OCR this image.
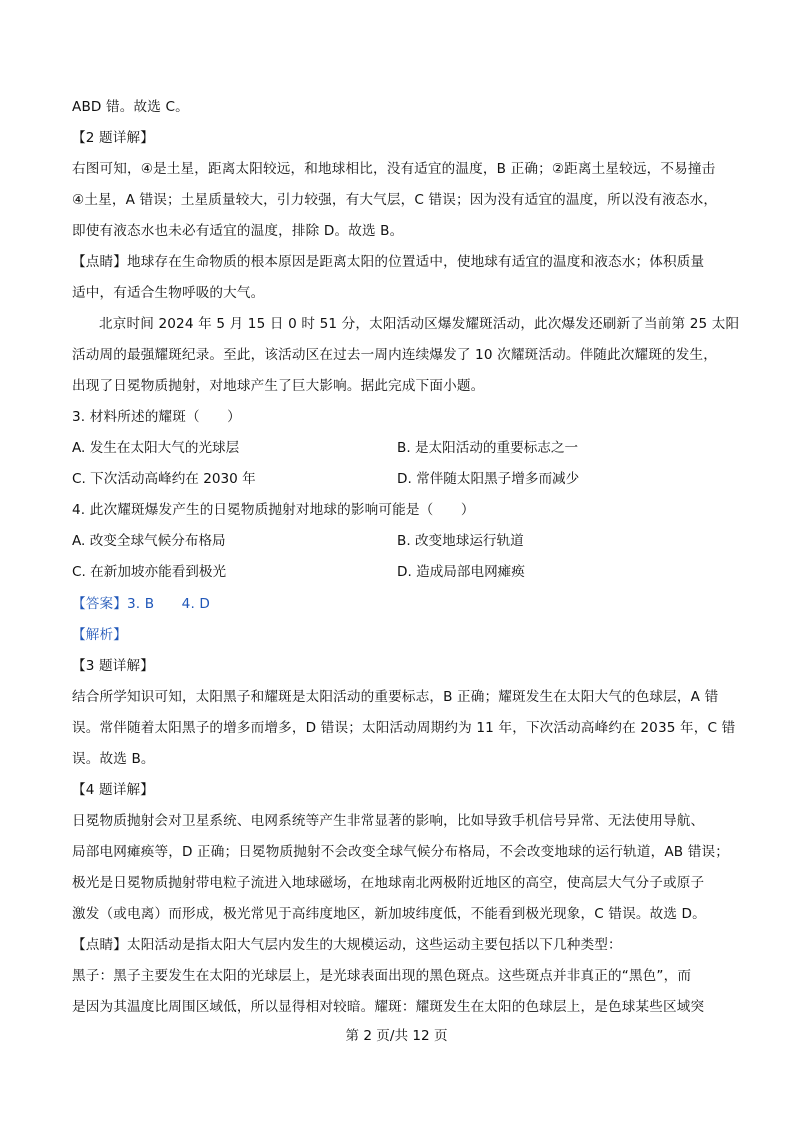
ABD 错。故选 C。
【2 题详解】
右图可知，④是土星，距离太阳较远，和地球相比，没有适宜的温度，B 正确；②距离土星较远，不易撞击
④土星，A 错误；土星质量较大，引力较强，有大气层，C 错误；因为没有适宜的温度，所以没有液态水，
即使有液态水也未必有适宜的温度，排除 D。故选 B。
【点睛】地球存在生命物质的根本原因是距离太阳的位置适中，使地球有适宜的温度和液态水；体积质量
适中，有适合生物呼吸的大气。
北京时间 2024 年 5 月 15 日 0 时 51 分，太阳活动区爆发耀斑活动，此次爆发还刷新了当前第 25 太阳
活动周的最强耀斑纪录。至此，该活动区在过去一周内连续爆发了 10 次耀斑活动。伴随此次耀斑的发生，
出现了日冕物质抛射，对地球产生了巨大影响。据此完成下面小题。
3. 材料所述的耀斑（　　）
A. 发生在太阳大气的光球层	B. 是太阳活动的重要标志之一
C. 下次活动高峰约在 2030 年	D. 常伴随太阳黑子增多而减少
4. 此次耀斑爆发产生的日冕物质抛射对地球的影响可能是（　　）
A. 改变全球气候分布格局	B. 改变地球运行轨道
C. 在新加坡亦能看到极光	D. 造成局部电网瘫痪
【答案】3. B　　4. D
【解析】
【3 题详解】
结合所学知识可知，太阳黑子和耀斑是太阳活动的重要标志，B 正确；耀斑发生在太阳大气的色球层，A 错
误。常伴随着太阳黑子的增多而增多，D 错误；太阳活动周期约为 11 年，下次活动高峰约在 2035 年，C 错
误。故选 B。
【4 题详解】
日冕物质抛射会对卫星系统、电网系统等产生非常显著的影响，比如导致手机信号异常、无法使用导航、
局部电网瘫痪等，D 正确；日冕物质抛射不会改变全球气候分布格局，不会改变地球的运行轨道，AB 错误；
极光是日冕物质抛射带电粒子流进入地球磁场，在地球南北两极附近地区的高空，使高层大气分子或原子
激发（或电离）而形成，极光常见于高纬度地区，新加坡纬度低，不能看到极光现象，C 错误。故选 D。
【点睛】太阳活动是指太阳大气层内发生的大规模运动，这些运动主要包括以下几种类型：
黑子：黑子主要发生在太阳的光球层上，是光球表面出现的黑色斑点。这些斑点并非真正的“黑色”，而
是因为其温度比周围区域低，所以显得相对较暗。耀斑：耀斑发生在太阳的色球层上，是色球某些区域突
第 2 页/共 12 页
